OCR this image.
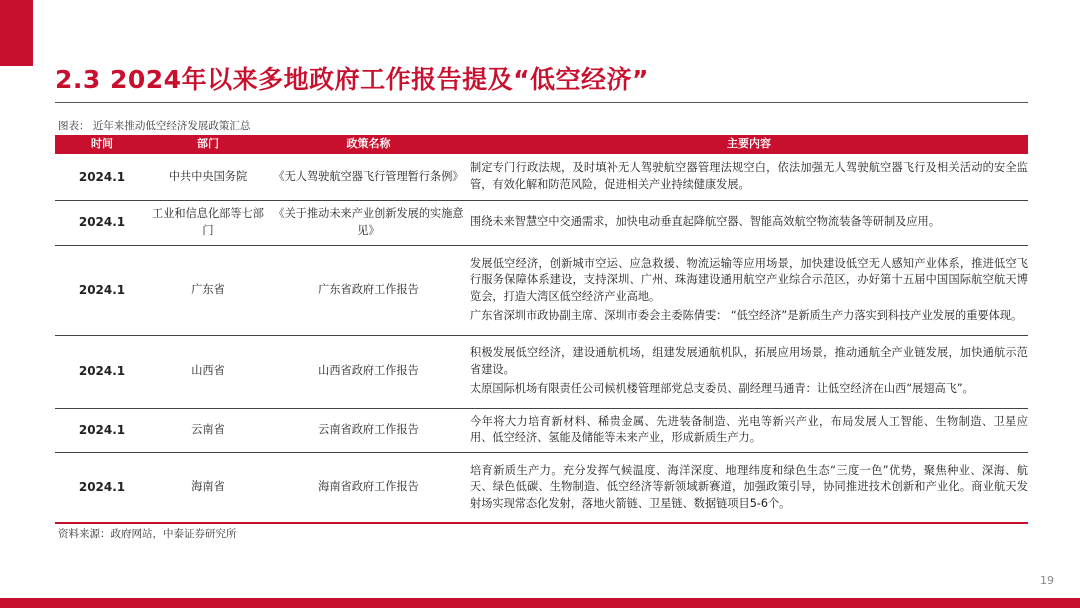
2.3 2024年以来多地政府工作报告提及“低空经济”
图表： 近年来推动低空经济发展政策汇总
时间	部门	政策名称	主要内容
2024.1	中共中央国务院	《无人驾驶航空器飞行管理暂行条例》	制定专门行政法规，及时填补无人驾驶航空器管理法规空白，依法加强无人驾驶航空器飞行及相关活动的安全监管，有效化解和防范风险，促进相关产业持续健康发展。

2024.1	工业和信息化部等七部门	《关于推动未来产业创新发展的实施意见》	围绕未来智慧空中交通需求，加快电动垂直起降航空器、智能高效航空物流装备等研制及应用。

2024.1	广东省	广东省政府工作报告	发展低空经济，创新城市空运、应急救援、物流运输等应用场景，加快建设低空无人感知产业体系，推进低空飞行服务保障体系建设，支持深圳、广州、珠海建设通用航空产业综合示范区，办好第十五届中国国际航空航天博览会，打造大湾区低空经济产业高地。
广东省深圳市政协副主席、深圳市委会主委陈倩雯： “低空经济”是新质生产力落实到科技产业发展的重要体现。

2024.1	山西省	山西省政府工作报告	积极发展低空经济，建设通航机场，组建发展通航机队，拓展应用场景，推动通航全产业链发展，加快通航示范省建设。
太原国际机场有限责任公司候机楼管理部党总支委员、副经理马通青：让低空经济在山西“展翅高飞”。

2024.1	云南省	云南省政府工作报告	今年将大力培育新材料、稀贵金属、先进装备制造、光电等新兴产业，布局发展人工智能、生物制造、卫星应用、低空经济、氢能及储能等未来产业，形成新质生产力。

2024.1	海南省	海南省政府工作报告	培育新质生产力。充分发挥气候温度、海洋深度、地理纬度和绿色生态“三度一色”优势，聚焦种业、深海、航天、绿色低碳、生物制造、低空经济等新领域新赛道，加强政策引导，协同推进技术创新和产业化。商业航天发射场实现常态化发射，落地火箭链、卫星链、数据链项目5-6个。
资料来源：政府网站，中泰证券研究所
19
